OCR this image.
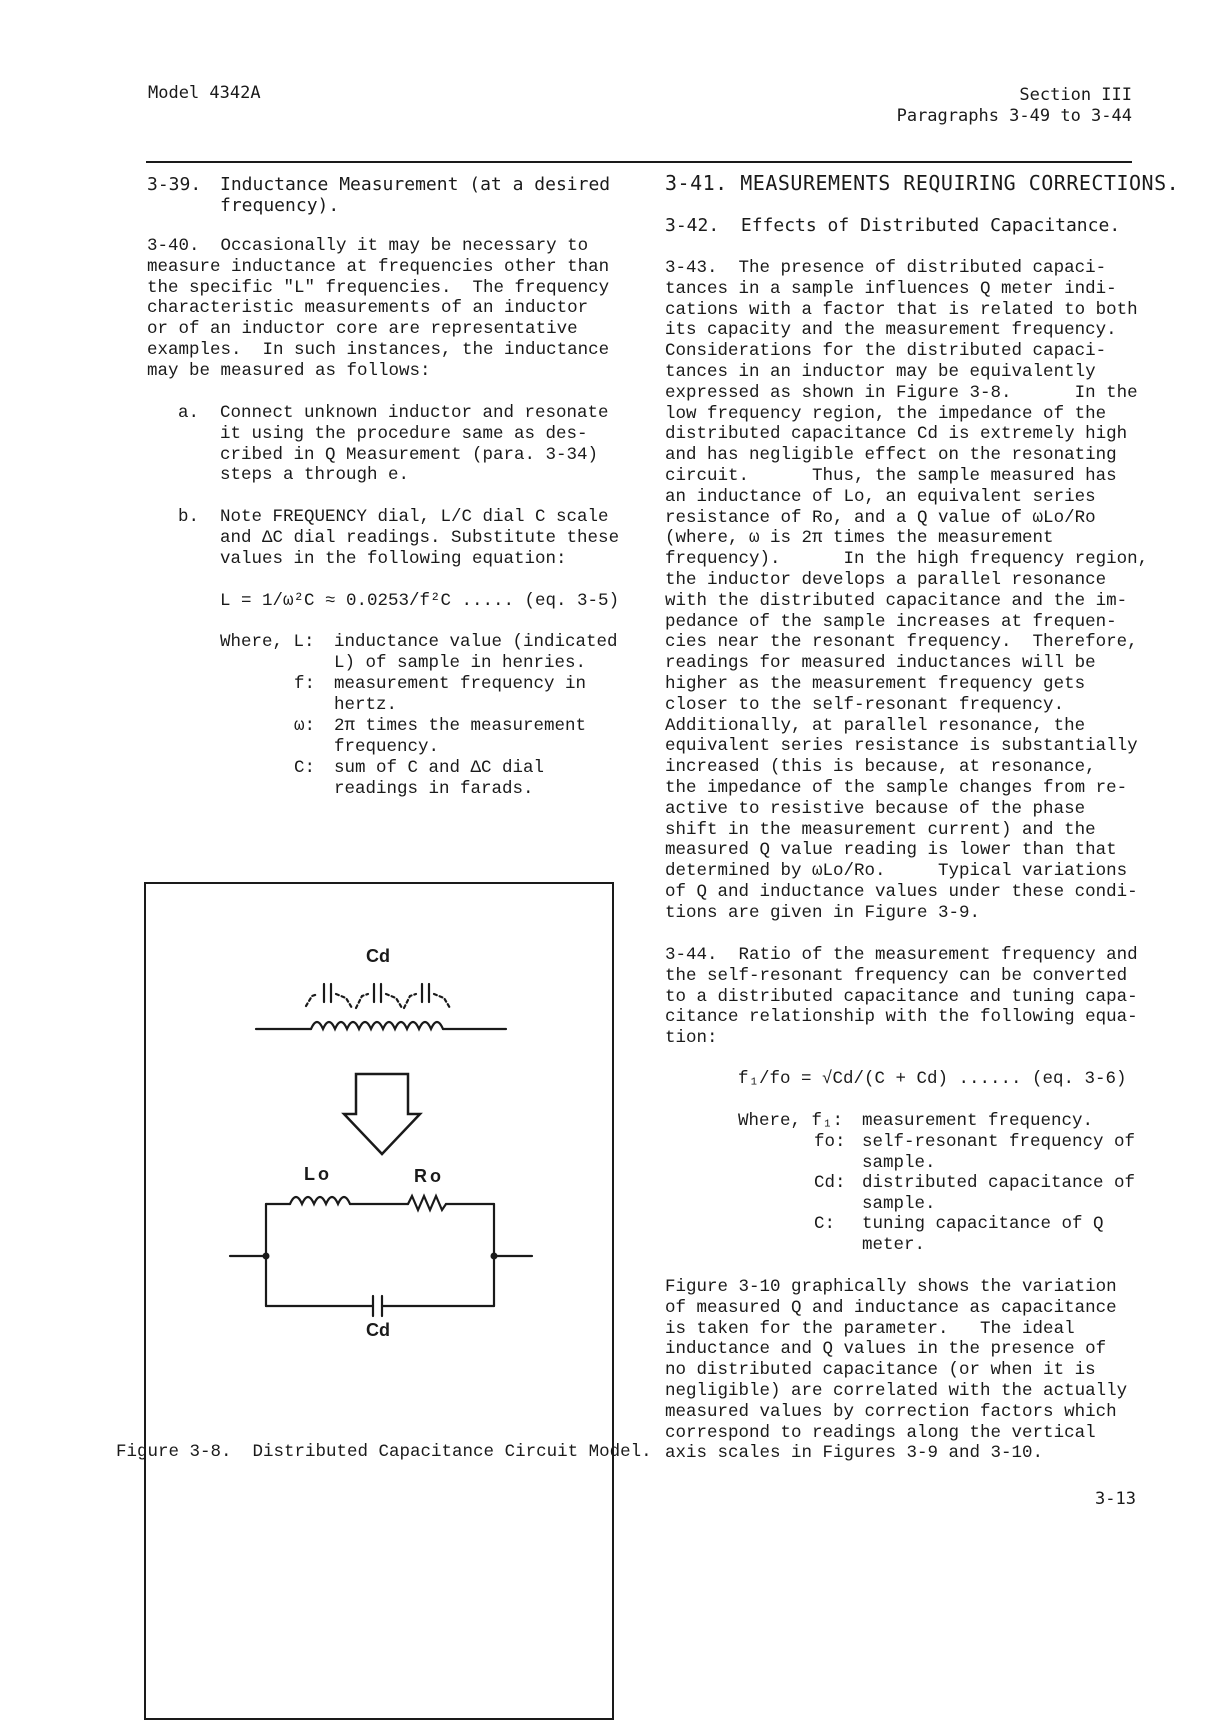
Model 4342A	Section III
Paragraphs 3-49 to 3-44
3-39. Inductance Measurement (at a desired
frequency).
3-40.  Occasionally it may be necessary to
measure inductance at frequencies other than
the specific "L" frequencies.  The frequency
characteristic measurements of an inductor
or of an inductor core are representative
examples.  In such instances, the inductance
may be measured as follows:
a. Connect unknown inductor and resonate
it using the procedure same as des-
cribed in Q Measurement (para. 3-34)
steps a through e.
b. Note FREQUENCY dial, L/C dial C scale
and ΔC dial readings. Substitute these
values in the following equation:
L = 1/ω²C ≈ 0.0253/f²C ..... (eq. 3-5)
Where, L: inductance value (indicated
L) of sample in henries.
f: measurement frequency in
hertz.
ω: 2π times the measurement
frequency.
C: sum of C and ΔC dial
readings in farads.
Cd
Lo	Ro
Cd
Figure 3-8.  Distributed Capacitance Circuit Model.
3-41. MEASUREMENTS REQUIRING CORRECTIONS.
3-42.  Effects of Distributed Capacitance.
3-43.  The presence of distributed capaci-
tances in a sample influences Q meter indi-
cations with a factor that is related to both
its capacity and the measurement frequency.
Considerations for the distributed capaci-
tances in an inductor may be equivalently
expressed as shown in Figure 3-8.      In the
low frequency region, the impedance of the
distributed capacitance Cd is extremely high
and has negligible effect on the resonating
circuit.      Thus, the sample measured has
an inductance of Lo, an equivalent series
resistance of Ro, and a Q value of ωLo/Ro
(where, ω is 2π times the measurement
frequency).      In the high frequency region,
the inductor develops a parallel resonance
with the distributed capacitance and the im-
pedance of the sample increases at frequen-
cies near the resonant frequency.  Therefore,
readings for measured inductances will be
higher as the measurement frequency gets
closer to the self-resonant frequency.
Additionally, at parallel resonance, the
equivalent series resistance is substantially
increased (this is because, at resonance,
the impedance of the sample changes from re-
active to resistive because of the phase
shift in the measurement current) and the
measured Q value reading is lower than that
determined by ωLo/Ro.     Typical variations
of Q and inductance values under these condi-
tions are given in Figure 3-9.
3-44.  Ratio of the measurement frequency and
the self-resonant frequency can be converted
to a distributed capacitance and tuning capa-
citance relationship with the following equa-
tion:
f₁/fo = √Cd/(C + Cd) ...... (eq. 3-6)
Where, f₁: measurement frequency.
fo: self-resonant frequency of
sample.
Cd: distributed capacitance of
sample.
C: tuning capacitance of Q
meter.
Figure 3-10 graphically shows the variation
of measured Q and inductance as capacitance
is taken for the parameter.   The ideal
inductance and Q values in the presence of
no distributed capacitance (or when it is
negligible) are correlated with the actually
measured values by correction factors which
correspond to readings along the vertical
axis scales in Figures 3-9 and 3-10.
3-13
